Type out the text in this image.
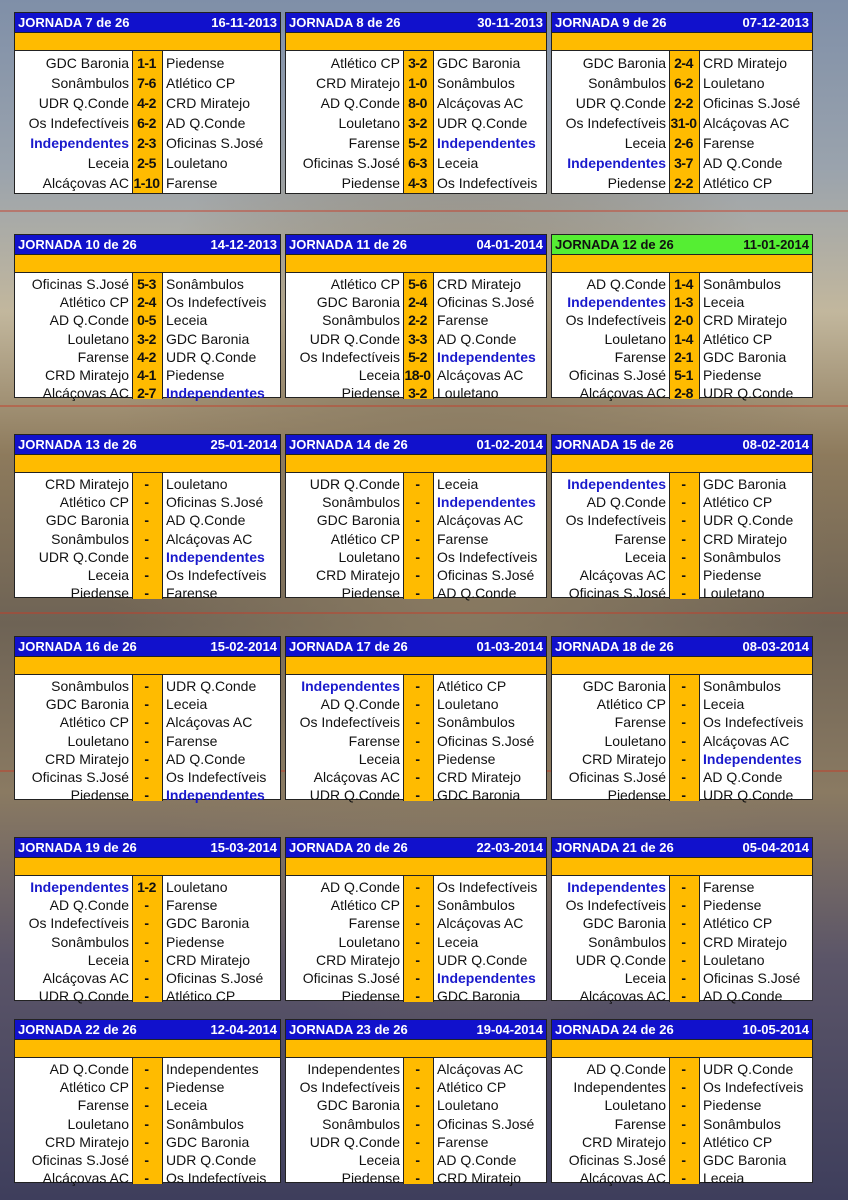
JORNADA 7 de 26	16-11-2013
GDC Baronia 1-1 Piedense
Sonâmbulos 7-6 Atlético CP
UDR Q.Conde 4-2 CRD Miratejo
Os Indefectíveis 6-2 AD Q.Conde
Independentes 2-3 Oficinas S.José
Leceia 2-5 Louletano
Alcáçovas AC 1-10 Farense
JORNADA 8 de 26	30-11-2013
Atlético CP 3-2 GDC Baronia
CRD Miratejo 1-0 Sonâmbulos
AD Q.Conde 8-0 Alcáçovas AC
Louletano 3-2 UDR Q.Conde
Farense 5-2 Independentes
Oficinas S.José 6-3 Leceia
Piedense 4-3 Os Indefectíveis
JORNADA 9 de 26	07-12-2013
GDC Baronia 2-4 CRD Miratejo
Sonâmbulos 6-2 Louletano
UDR Q.Conde 2-2 Oficinas S.José
Os Indefectíveis 31-0 Alcáçovas AC
Leceia 2-6 Farense
Independentes 3-7 AD Q.Conde
Piedense 2-2 Atlético CP
JORNADA 10 de 26	14-12-2013
Oficinas S.José 5-3 Sonâmbulos
Atlético CP 2-4 Os Indefectíveis
AD Q.Conde 0-5 Leceia
Louletano 3-2 GDC Baronia
Farense 4-2 UDR Q.Conde
CRD Miratejo 4-1 Piedense
Alcáçovas AC 2-7 Independentes
JORNADA 11 de 26	04-01-2014
Atlético CP 5-6 CRD Miratejo
GDC Baronia 2-4 Oficinas S.José
Sonâmbulos 2-2 Farense
UDR Q.Conde 3-3 AD Q.Conde
Os Indefectíveis 5-2 Independentes
Leceia 18-0 Alcáçovas AC
Piedense 3-2 Louletano
JORNADA 12 de 26	11-01-2014
AD Q.Conde 1-4 Sonâmbulos
Independentes 1-3 Leceia
Os Indefectíveis 2-0 CRD Miratejo
Louletano 1-4 Atlético CP
Farense 2-1 GDC Baronia
Oficinas S.José 5-1 Piedense
Alcáçovas AC 2-8 UDR Q.Conde
JORNADA 13 de 26	25-01-2014
CRD Miratejo	-	Louletano
Atlético CP	-	Oficinas S.José
GDC Baronia	-	AD Q.Conde
Sonâmbulos	-	Alcáçovas AC
UDR Q.Conde	-	Independentes
Leceia	-	Os Indefectíveis
Piedense	-	Farense
JORNADA 14 de 26	01-02-2014
UDR Q.Conde	-	Leceia
Sonâmbulos	-	Independentes
GDC Baronia	-	Alcáçovas AC
Atlético CP	-	Farense
Louletano	-	Os Indefectíveis
CRD Miratejo	-	Oficinas S.José
Piedense	-	AD Q.Conde
JORNADA 15 de 26	08-02-2014
Independentes	-	GDC Baronia
AD Q.Conde	-	Atlético CP
Os Indefectíveis	-	UDR Q.Conde
Farense	-	CRD Miratejo
Leceia	-	Sonâmbulos
Alcáçovas AC	-	Piedense
Oficinas S.José	-	Louletano
JORNADA 16 de 26	15-02-2014
Sonâmbulos	-	UDR Q.Conde
GDC Baronia	-	Leceia
Atlético CP	-	Alcáçovas AC
Louletano	-	Farense
CRD Miratejo	-	AD Q.Conde
Oficinas S.José	-	Os Indefectíveis
Piedense	-	Independentes
JORNADA 17 de 26	01-03-2014
Independentes	-	Atlético CP
AD Q.Conde	-	Louletano
Os Indefectíveis	-	Sonâmbulos
Farense	-	Oficinas S.José
Leceia	-	Piedense
Alcáçovas AC	-	CRD Miratejo
UDR Q.Conde	-	GDC Baronia
JORNADA 18 de 26	08-03-2014
GDC Baronia	-	Sonâmbulos
Atlético CP	-	Leceia
Farense	-	Os Indefectíveis
Louletano	-	Alcáçovas AC
CRD Miratejo	-	Independentes
Oficinas S.José	-	AD Q.Conde
Piedense	-	UDR Q.Conde
JORNADA 19 de 26	15-03-2014
Independentes 1-2 Louletano
AD Q.Conde	-	Farense
Os Indefectíveis	-	GDC Baronia
Sonâmbulos	-	Piedense
Leceia	-	CRD Miratejo
Alcáçovas AC	-	Oficinas S.José
UDR Q.Conde	-	Atlético CP
JORNADA 20 de 26	22-03-2014
AD Q.Conde	-	Os Indefectíveis
Atlético CP	-	Sonâmbulos
Farense	-	Alcáçovas AC
Louletano	-	Leceia
CRD Miratejo	-	UDR Q.Conde
Oficinas S.José	-	Independentes
Piedense	-	GDC Baronia
JORNADA 21 de 26	05-04-2014
Independentes	-	Farense
Os Indefectíveis	-	Piedense
GDC Baronia	-	Atlético CP
Sonâmbulos	-	CRD Miratejo
UDR Q.Conde	-	Louletano
Leceia	-	Oficinas S.José
Alcáçovas AC	-	AD Q.Conde
JORNADA 22 de 26	12-04-2014
AD Q.Conde	-	Independentes
Atlético CP	-	Piedense
Farense	-	Leceia
Louletano	-	Sonâmbulos
CRD Miratejo	-	GDC Baronia
Oficinas S.José	-	UDR Q.Conde
Alcáçovas AC	-	Os Indefectíveis
JORNADA 23 de 26	19-04-2014
Independentes	-	Alcáçovas AC
Os Indefectíveis	-	Atlético CP
GDC Baronia	-	Louletano
Sonâmbulos	-	Oficinas S.José
UDR Q.Conde	-	Farense
Leceia	-	AD Q.Conde
Piedense	-	CRD Miratejo
JORNADA 24 de 26	10-05-2014
AD Q.Conde	-	UDR Q.Conde
Independentes	-	Os Indefectíveis
Louletano	-	Piedense
Farense	-	Sonâmbulos
CRD Miratejo	-	Atlético CP
Oficinas S.José	-	GDC Baronia
Alcáçovas AC	-	Leceia
